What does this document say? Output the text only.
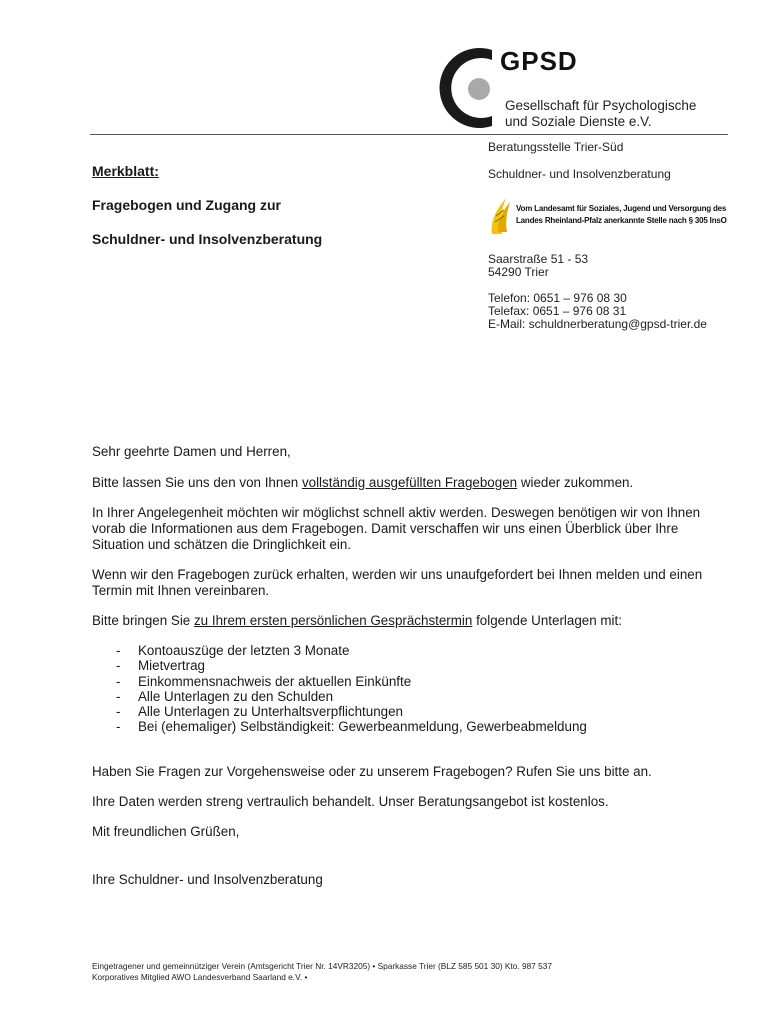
GPSD
Gesellschaft für Psychologische
und Soziale Dienste e.V.
Beratungsstelle Trier-Süd
Schuldner- und Insolvenzberatung
Vom Landesamt für Soziales, Jugend und Versorgung des
Landes Rheinland-Pfalz anerkannte Stelle nach § 305 InsO
Saarstraße 51 - 53
54290 Trier
Telefon: 0651 – 976 08 30
Telefax: 0651 – 976 08 31
E-Mail: schuldnerberatung@gpsd-trier.de
Merkblatt:
Fragebogen und Zugang zur
Schuldner- und Insolvenzberatung
Sehr geehrte Damen und Herren,
Bitte lassen Sie uns den von Ihnen vollständig ausgefüllten Fragebogen wieder zukommen.
In Ihrer Angelegenheit möchten wir möglichst schnell aktiv werden. Deswegen benötigen wir von Ihnen vorab die Informationen aus dem Fragebogen. Damit verschaffen wir uns einen Überblick über Ihre Situation und schätzen die Dringlichkeit ein.
Wenn wir den Fragebogen zurück erhalten, werden wir uns unaufgefordert bei Ihnen melden und einen Termin mit Ihnen vereinbaren.
Bitte bringen Sie zu Ihrem ersten persönlichen Gesprächstermin folgende Unterlagen mit:
- Kontoauszüge der letzten 3 Monate
- Mietvertrag
- Einkommensnachweis der aktuellen Einkünfte
- Alle Unterlagen zu den Schulden
- Alle Unterlagen zu Unterhaltsverpflichtungen
- Bei (ehemaliger) Selbständigkeit: Gewerbeanmeldung, Gewerbeabmeldung
Haben Sie Fragen zur Vorgehensweise oder zu unserem Fragebogen? Rufen Sie uns bitte an.
Ihre Daten werden streng vertraulich behandelt. Unser Beratungsangebot ist kostenlos.
Mit freundlichen Grüßen,
Ihre Schuldner- und Insolvenzberatung
Eingetragener und gemeinnütziger Verein (Amtsgericht Trier Nr. 14VR3205) • Sparkasse Trier (BLZ 585 501 30) Kto. 987 537
Korporatives Mitglied AWO Landesverband Saarland e.V. •
